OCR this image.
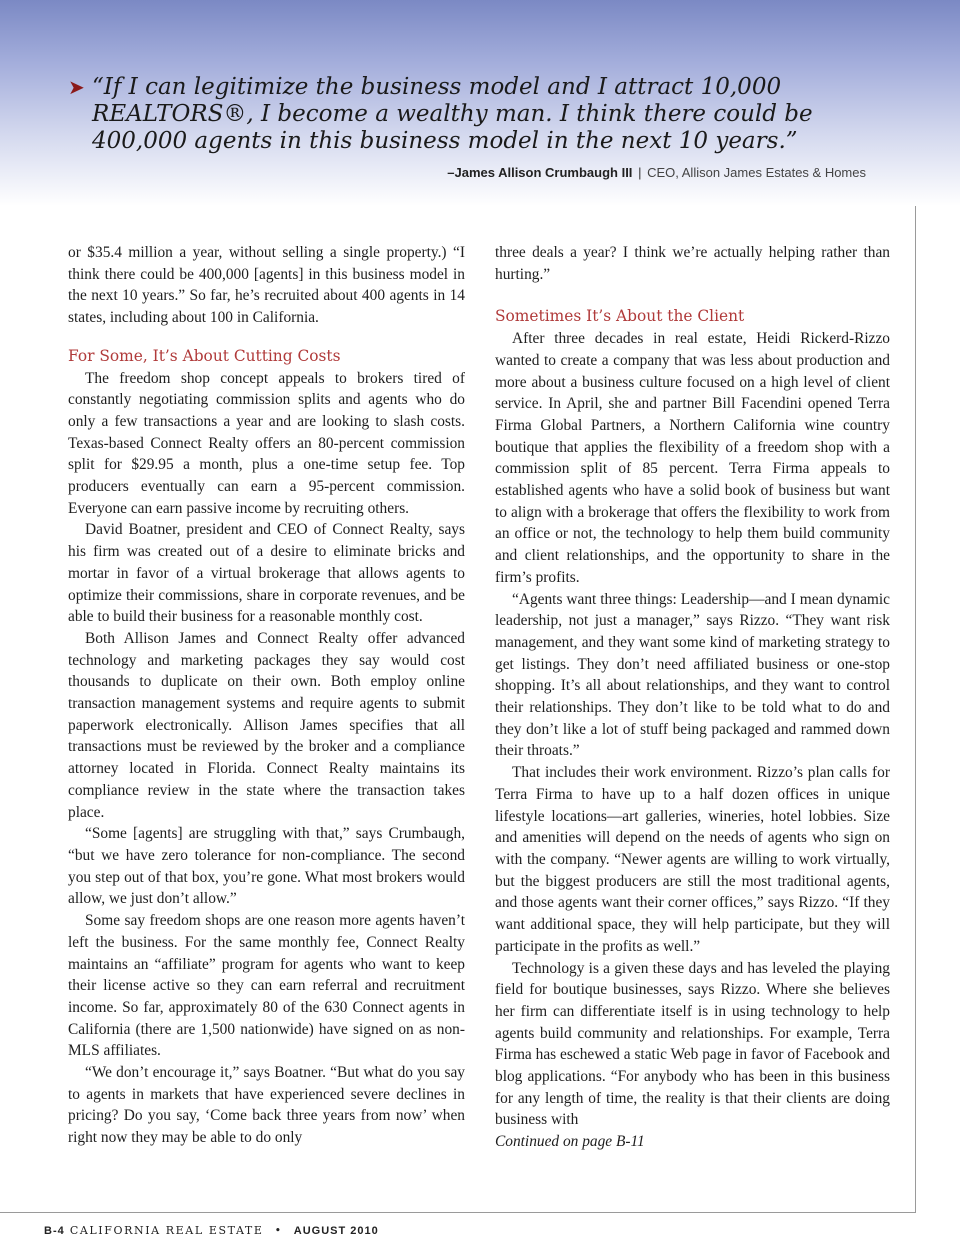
➤ “If I can legitimize the business model and I attract 10,000 REALTORS®, I become a wealthy man. I think there could be 400,000 agents in this business model in the next 10 years.”

–James Allison Crumbaugh III | CEO, Allison James Estates & Homes

or $35.4 million a year, without selling a single property.) “I think there could be 400,000 [agents] in this business model in the next 10 years.” So far, he’s recruited about 400 agents in 14 states, including about 100 in California.

For Some, It’s About Cutting Costs

The freedom shop concept appeals to brokers tired of constantly negotiating commission splits and agents who do only a few transactions a year and are looking to slash costs. Texas-based Connect Realty offers an 80-percent commission split for $29.95 a month, plus a one-time setup fee. Top producers eventually can earn a 95-percent commission. Everyone can earn passive income by recruiting others.

David Boatner, president and CEO of Connect Realty, says his firm was created out of a desire to eliminate bricks and mortar in favor of a virtual brokerage that allows agents to optimize their commissions, share in corporate revenues, and be able to build their business for a reasonable monthly cost.

Both Allison James and Connect Realty offer advanced technology and marketing packages they say would cost thousands to duplicate on their own. Both employ online transaction management systems and require agents to submit paperwork electronically. Allison James specifies that all transactions must be reviewed by the broker and a compliance attorney located in Florida. Connect Realty maintains its compliance review in the state where the transaction takes place.

“Some [agents] are struggling with that,” says Crumbaugh, “but we have zero tolerance for non-compliance. The second you step out of that box, you’re gone. What most brokers would allow, we just don’t allow.”

Some say freedom shops are one reason more agents haven’t left the business. For the same monthly fee, Connect Realty maintains an “affiliate” program for agents who want to keep their license active so they can earn referral and recruitment income. So far, approximately 80 of the 630 Connect agents in California (there are 1,500 nationwide) have signed on as non-MLS affiliates.

“We don’t encourage it,” says Boatner. “But what do you say to agents in markets that have experienced severe declines in pricing? Do you say, ‘Come back three years from now’ when right now they may be able to do only

three deals a year? I think we’re actually helping rather than hurting.”

Sometimes It’s About the Client

After three decades in real estate, Heidi Rickerd-Rizzo wanted to create a company that was less about production and more about a business culture focused on a high level of client service. In April, she and partner Bill Facendini opened Terra Firma Global Partners, a Northern California wine country boutique that applies the flexibility of a freedom shop with a commission split of 85 percent. Terra Firma appeals to established agents who have a solid book of business but want to align with a brokerage that offers the flexibility to work from an office or not, the technology to help them build community and client relationships, and the opportunity to share in the firm’s profits.

“Agents want three things: Leadership—and I mean dynamic leadership, not just a manager,” says Rizzo. “They want risk management, and they want some kind of marketing strategy to get listings. They don’t need affiliated business or one-stop shopping. It’s all about relationships, and they want to control their relationships. They don’t like to be told what to do and they don’t like a lot of stuff being packaged and rammed down their throats.”

That includes their work environment. Rizzo’s plan calls for Terra Firma to have up to a half dozen offices in unique lifestyle locations—art galleries, wineries, hotel lobbies. Size and amenities will depend on the needs of agents who sign on with the company. “Newer agents are willing to work virtually, but the biggest producers are still the most traditional agents, and those agents want their corner offices,” says Rizzo. “If they want additional space, they will help participate, but they will participate in the profits as well.”

Technology is a given these days and has leveled the playing field for boutique businesses, says Rizzo. Where she believes her firm can differentiate itself is in using technology to help agents build community and relationships. For example, Terra Firma has eschewed a static Web page in favor of Facebook and blog applications. “For anybody who has been in this business for any length of time, the reality is that their clients are doing business with

Continued on page B-11

B-4 CALIFORNIA REAL ESTATE • AUGUST 2010
